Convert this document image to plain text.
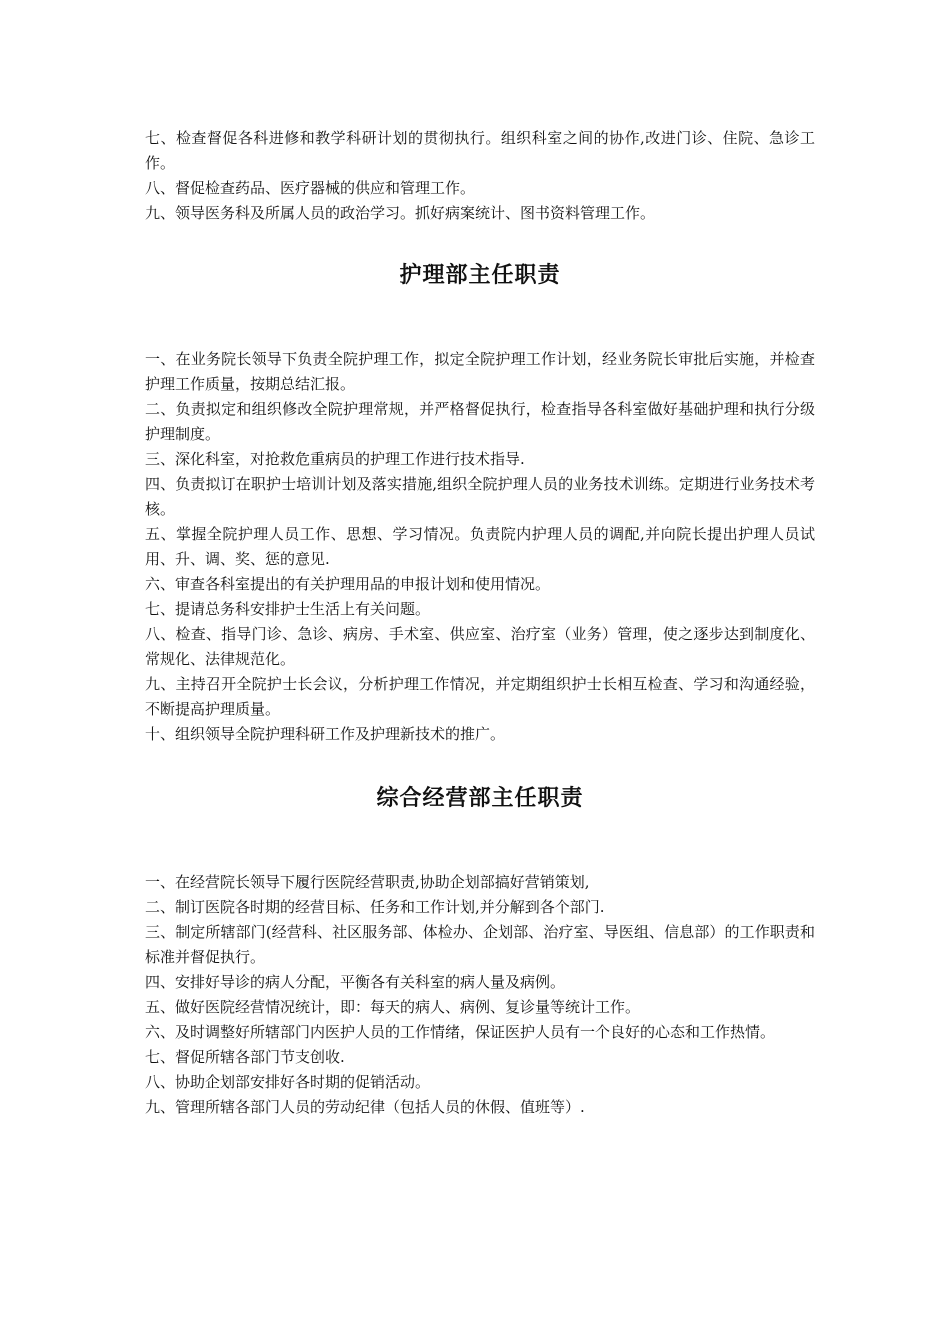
七、检查督促各科进修和教学科研计划的贯彻执行。组织科室之间的协作,改进门诊、住院、急诊工作。

八、督促检查药品、医疗器械的供应和管理工作。

九、领导医务科及所属人员的政治学习。抓好病案统计、图书资料管理工作。

护理部主任职责

一、在业务院长领导下负责全院护理工作，拟定全院护理工作计划，经业务院长审批后实施，并检查护理工作质量，按期总结汇报。

二、负责拟定和组织修改全院护理常规，并严格督促执行，检查指导各科室做好基础护理和执行分级护理制度。

三、深化科室，对抢救危重病员的护理工作进行技术指导.

四、负责拟订在职护士培训计划及落实措施,组织全院护理人员的业务技术训练。定期进行业务技术考核。

五、掌握全院护理人员工作、思想、学习情况。负责院内护理人员的调配,并向院长提出护理人员试用、升、调、奖、惩的意见.

六、审查各科室提出的有关护理用品的申报计划和使用情况。

七、提请总务科安排护士生活上有关问题。

八、检查、指导门诊、急诊、病房、手术室、供应室、治疗室（业务）管理，使之逐步达到制度化、常规化、法律规范化。

九、主持召开全院护士长会议，分析护理工作情况，并定期组织护士长相互检查、学习和沟通经验，不断提高护理质量。

十、组织领导全院护理科研工作及护理新技术的推广。

综合经营部主任职责

一、在经营院长领导下履行医院经营职责,协助企划部搞好营销策划,

二、制订医院各时期的经营目标、任务和工作计划,并分解到各个部门.

三、制定所辖部门(经营科、社区服务部、体检办、企划部、治疗室、导医组、信息部）的工作职责和标准并督促执行。

四、安排好导诊的病人分配，平衡各有关科室的病人量及病例。

五、做好医院经营情况统计，即：每天的病人、病例、复诊量等统计工作。

六、及时调整好所辖部门内医护人员的工作情绪，保证医护人员有一个良好的心态和工作热情。

七、督促所辖各部门节支创收.

八、协助企划部安排好各时期的促销活动。

九、管理所辖各部门人员的劳动纪律（包括人员的休假、值班等）.
